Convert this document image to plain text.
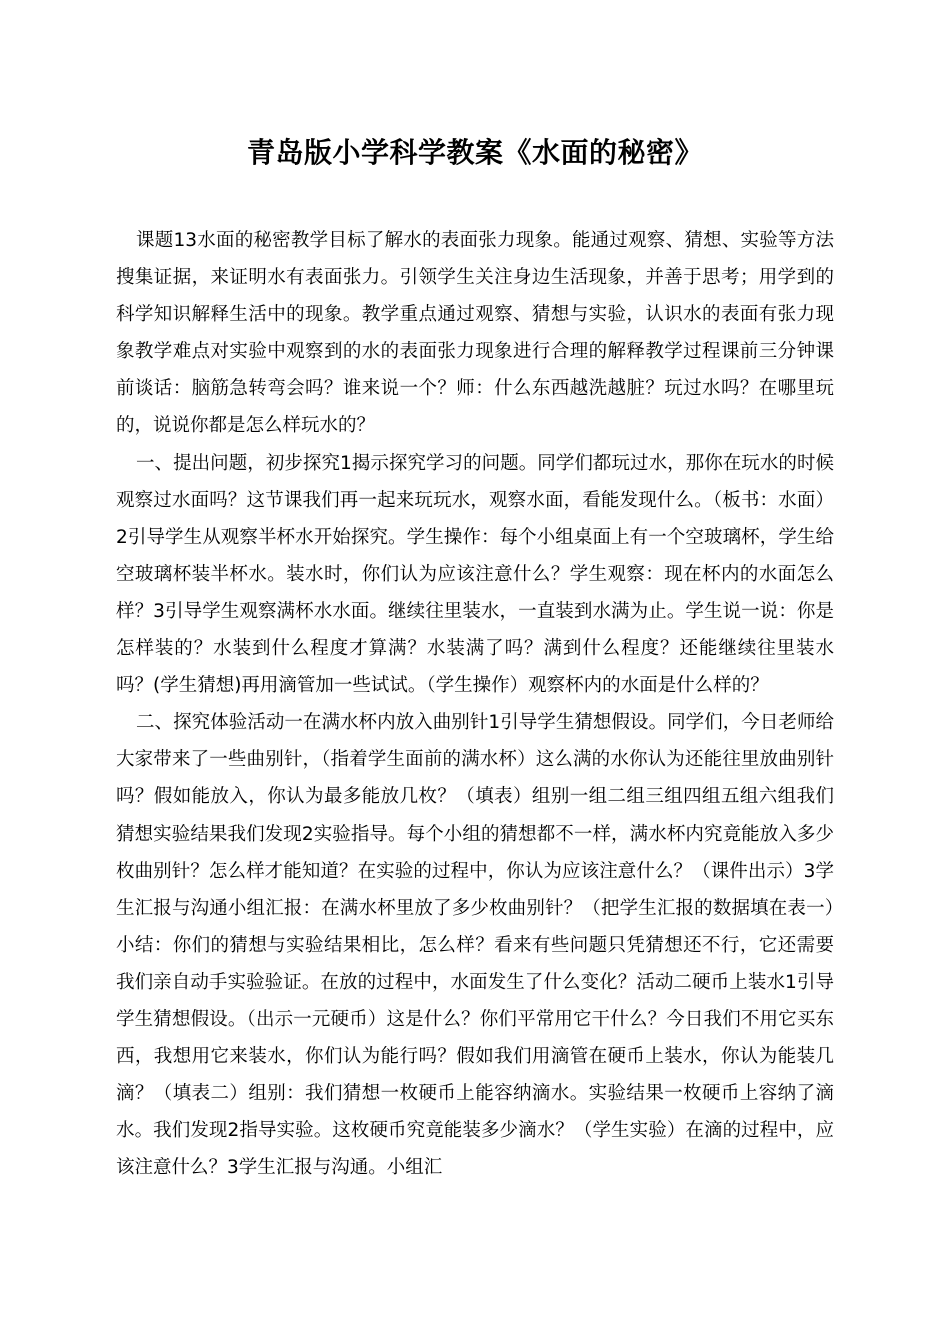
青岛版小学科学教案《水面的秘密》

课题13水面的秘密教学目标了解水的表面张力现象。能通过观察、猜想、实验等方法搜集证据，来证明水有表面张力。引领学生关注身边生活现象，并善于思考；用学到的科学知识解释生活中的现象。教学重点通过观察、猜想与实验，认识水的表面有张力现象教学难点对实验中观察到的水的表面张力现象进行合理的解释教学过程课前三分钟课前谈话：脑筋急转弯会吗？谁来说一个？师：什么东西越洗越脏？玩过水吗？在哪里玩的，说说你都是怎么样玩水的？

一、提出问题，初步探究1揭示探究学习的问题。同学们都玩过水，那你在玩水的时候观察过水面吗？这节课我们再一起来玩玩水，观察水面，看能发现什么。（板书：水面）2引导学生从观察半杯水开始探究。学生操作：每个小组桌面上有一个空玻璃杯，学生给空玻璃杯装半杯水。装水时，你们认为应该注意什么？学生观察：现在杯内的水面怎么样？3引导学生观察满杯水水面。继续往里装水，一直装到水满为止。学生说一说：你是怎样装的？水装到什么程度才算满？水装满了吗？满到什么程度？还能继续往里装水吗？(学生猜想)再用滴管加一些试试。（学生操作）观察杯内的水面是什么样的？

二、探究体验活动一在满水杯内放入曲别针1引导学生猜想假设。同学们，今日老师给大家带来了一些曲别针，（指着学生面前的满水杯）这么满的水你认为还能往里放曲别针吗？假如能放入，你认为最多能放几枚？（填表）组别一组二组三组四组五组六组我们猜想实验结果我们发现2实验指导。每个小组的猜想都不一样，满水杯内究竟能放入多少枚曲别针？怎么样才能知道？在实验的过程中，你认为应该注意什么？（课件出示）3学生汇报与沟通小组汇报：在满水杯里放了多少枚曲别针？（把学生汇报的数据填在表一）小结：你们的猜想与实验结果相比，怎么样？看来有些问题只凭猜想还不行，它还需要我们亲自动手实验验证。在放的过程中，水面发生了什么变化？活动二硬币上装水1引导学生猜想假设。（出示一元硬币）这是什么？你们平常用它干什么？今日我们不用它买东西，我想用它来装水，你们认为能行吗？假如我们用滴管在硬币上装水，你认为能装几滴？（填表二）组别：我们猜想一枚硬币上能容纳滴水。实验结果一枚硬币上容纳了滴水。我们发现2指导实验。这枚硬币究竟能装多少滴水？（学生实验）在滴的过程中，应该注意什么？3学生汇报与沟通。小组汇
